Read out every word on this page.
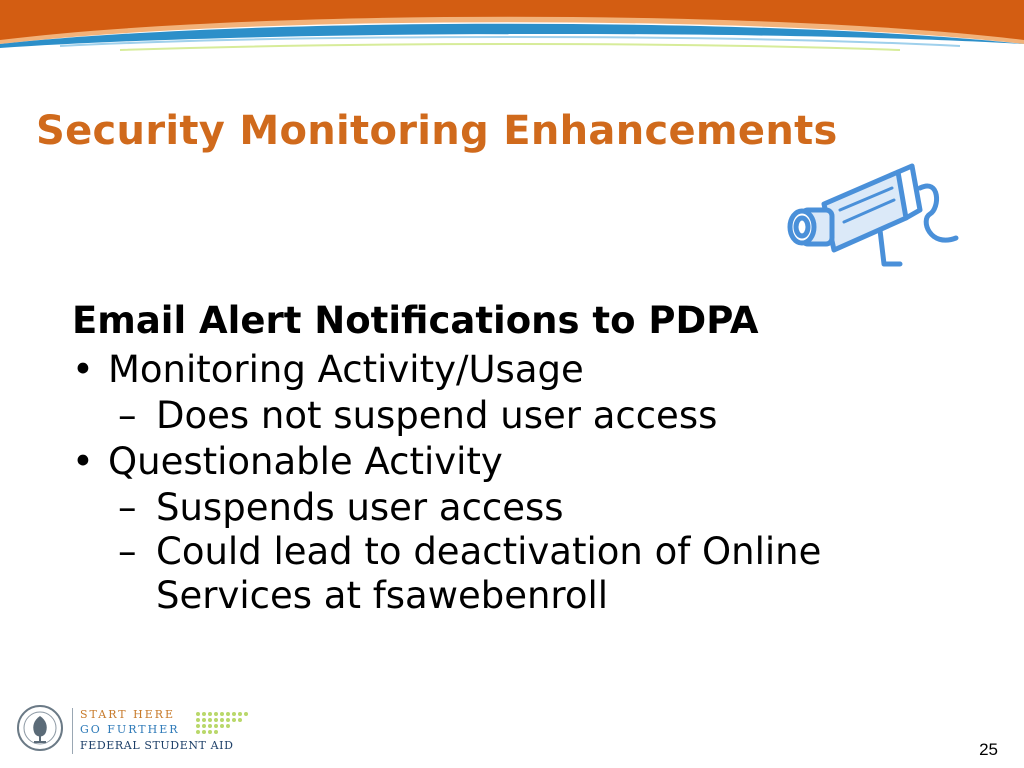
Security Monitoring Enhancements

Email Alert Notifications to PDPA

• Monitoring Activity/Usage
– Does not suspend user access
• Questionable Activity
– Suspends user access
– Could lead to deactivation of Online Services at fsawebenroll
START HERE
GO FURTHER
FEDERAL STUDENT AID	25
